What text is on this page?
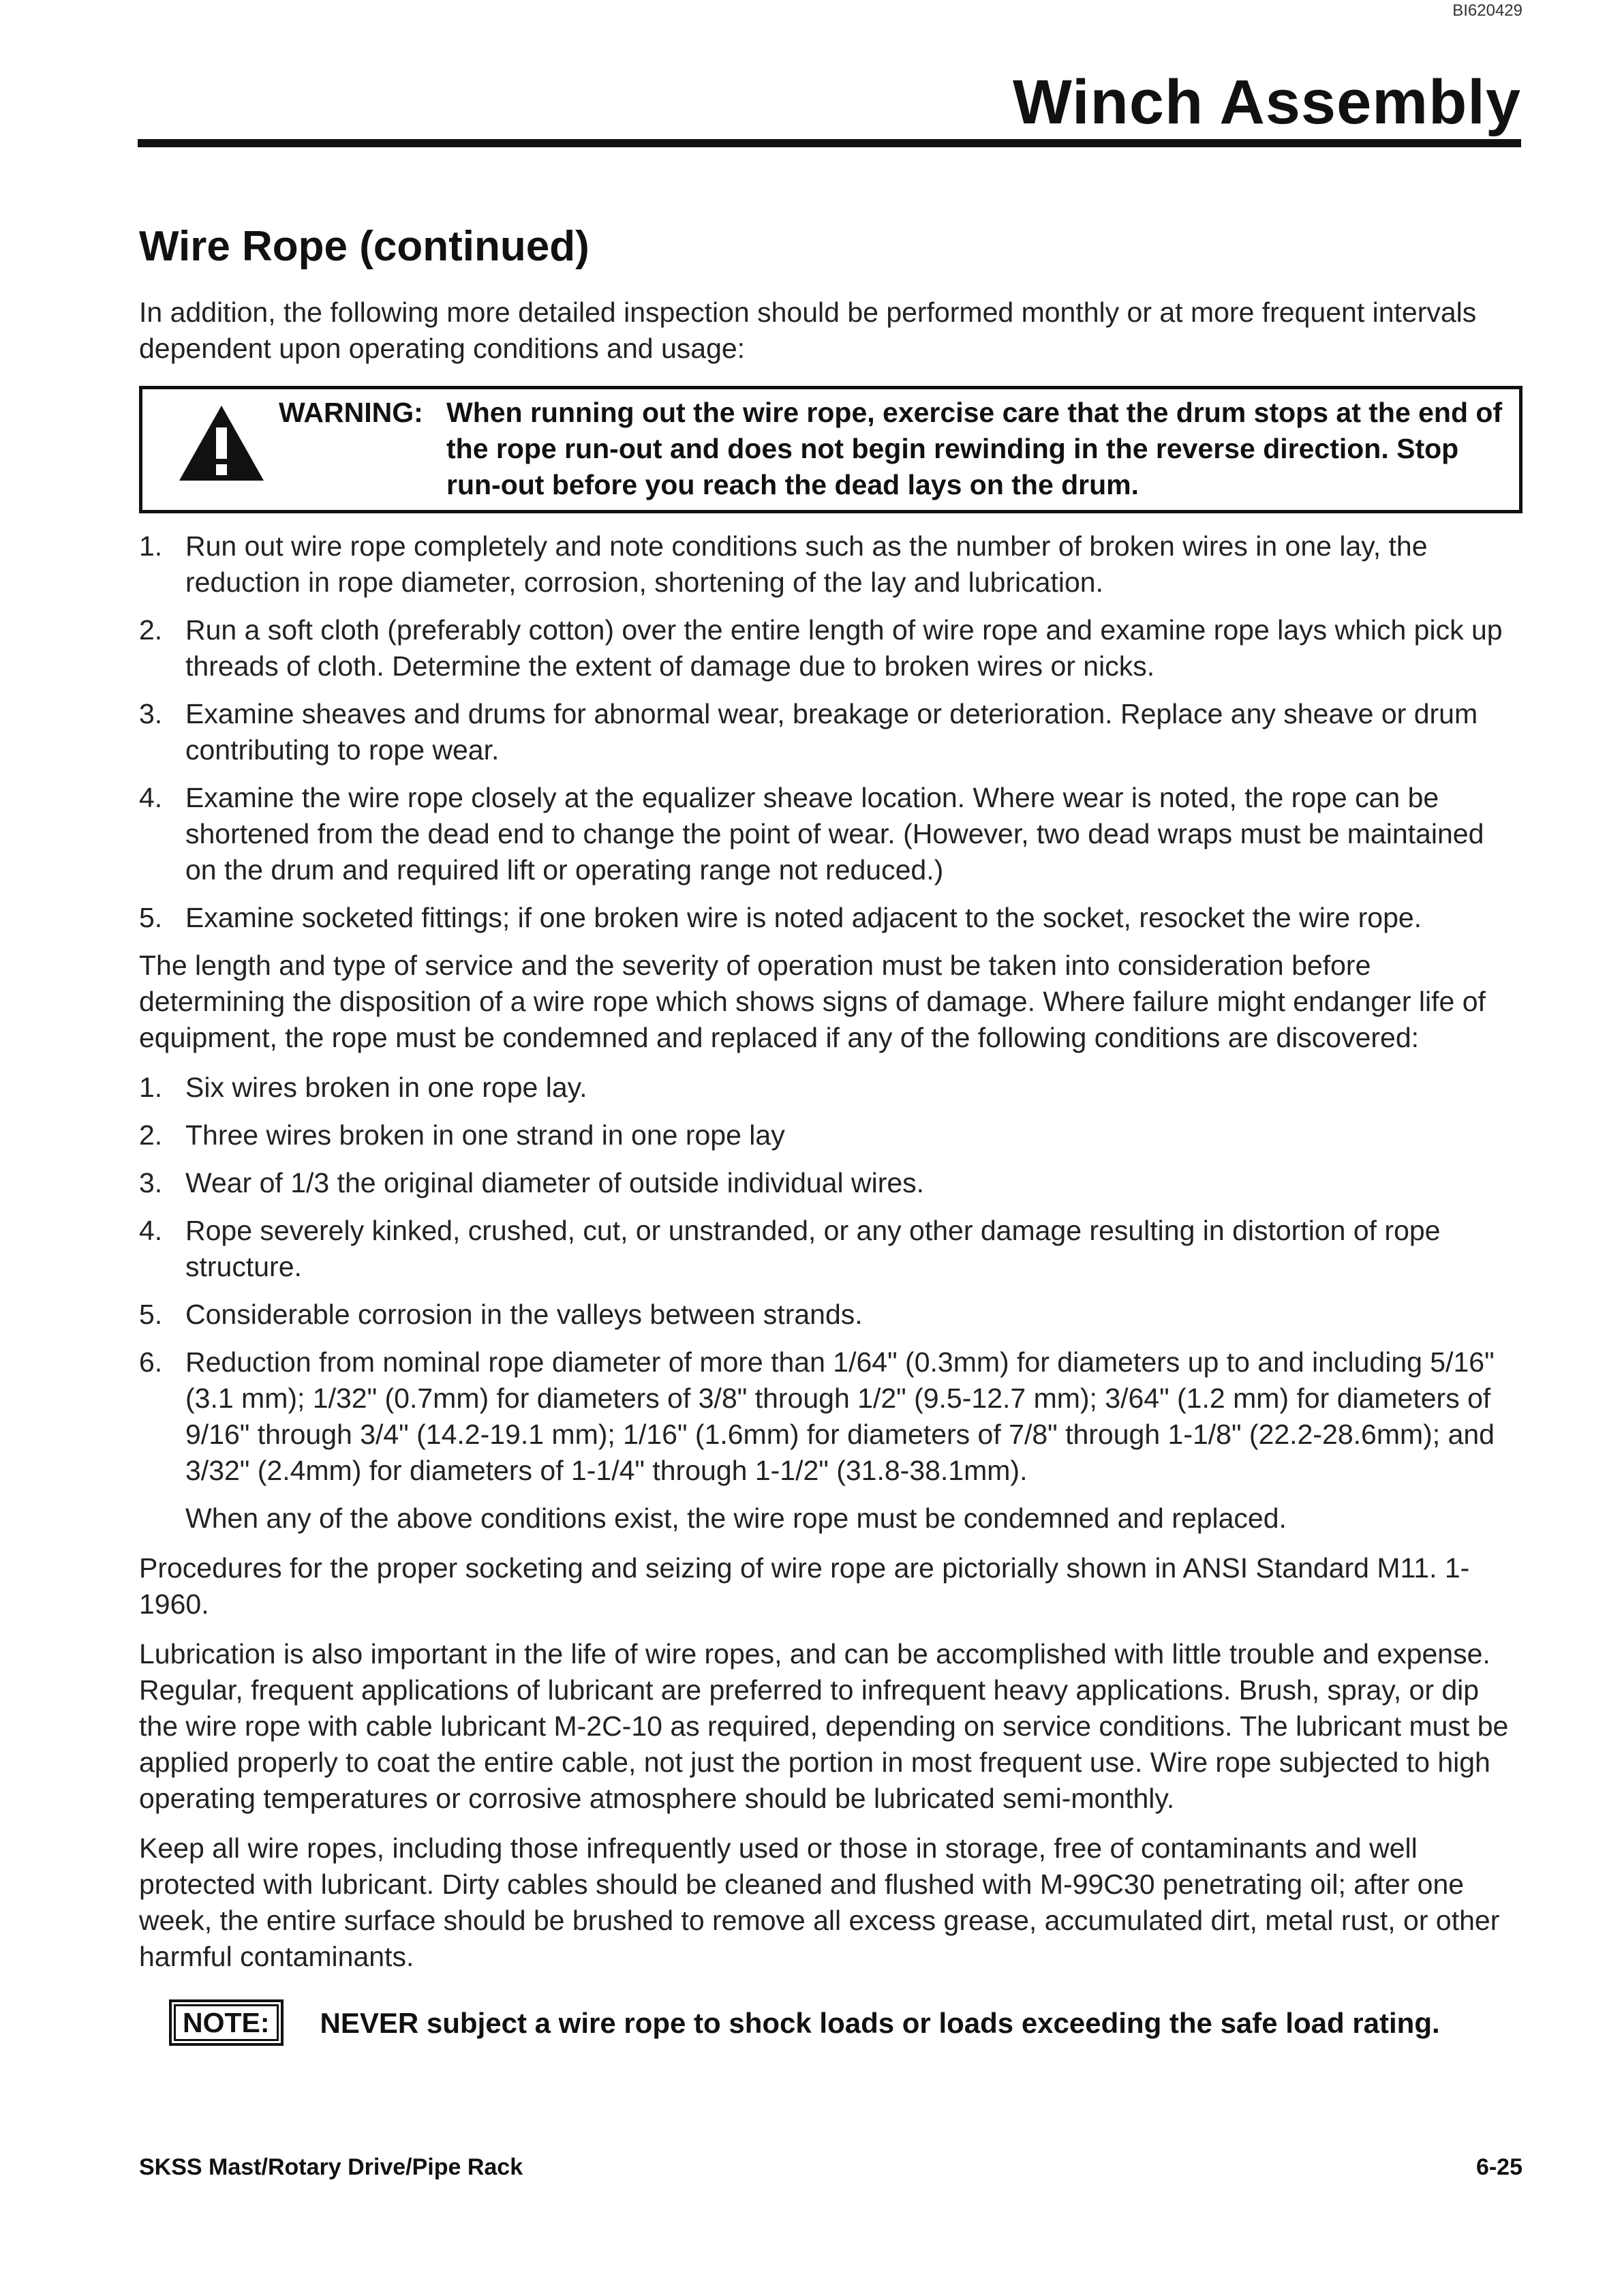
BI620429
Winch Assembly
Wire Rope (continued)

In addition, the following more detailed inspection should be performed monthly or at more frequent intervals dependent upon operating conditions and usage:

WARNING: When running out the wire rope, exercise care that the drum stops at the end of the rope run-out and does not begin rewinding in the reverse direction. Stop run-out before you reach the dead lays on the drum.
1. Run out wire rope completely and note conditions such as the number of broken wires in one lay, the reduction in rope diameter, corrosion, shortening of the lay and lubrication.
2. Run a soft cloth (preferably cotton) over the entire length of wire rope and examine rope lays which pick up threads of cloth. Determine the extent of damage due to broken wires or nicks.
3. Examine sheaves and drums for abnormal wear, breakage or deterioration. Replace any sheave or drum contributing to rope wear.
4. Examine the wire rope closely at the equalizer sheave location. Where wear is noted, the rope can be shortened from the dead end to change the point of wear. (However, two dead wraps must be maintained on the drum and required lift or operating range not reduced.)
5. Examine socketed fittings; if one broken wire is noted adjacent to the socket, resocket the wire rope.

The length and type of service and the severity of operation must be taken into consideration before determining the disposition of a wire rope which shows signs of damage. Where failure might endanger life of equipment, the rope must be condemned and replaced if any of the following conditions are discovered:

1. Six wires broken in one rope lay.
2. Three wires broken in one strand in one rope lay
3. Wear of 1/3 the original diameter of outside individual wires.
4. Rope severely kinked, crushed, cut, or unstranded, or any other damage resulting in distortion of rope structure.
5. Considerable corrosion in the valleys between strands.
6. Reduction from nominal rope diameter of more than 1/64" (0.3mm) for diameters up to and including 5/16" (3.1 mm); 1/32" (0.7mm) for diameters of 3/8" through 1/2" (9.5-12.7 mm); 3/64" (1.2 mm) for diameters of 9/16" through 3/4" (14.2-19.1 mm); 1/16" (1.6mm) for diameters of 7/8" through 1-1/8" (22.2-28.6mm); and 3/32" (2.4mm) for diameters of 1-1/4" through 1-1/2" (31.8-38.1mm).

When any of the above conditions exist, the wire rope must be condemned and replaced.

Procedures for the proper socketing and seizing of wire rope are pictorially shown in ANSI Standard M11. 1-1960.

Lubrication is also important in the life of wire ropes, and can be accomplished with little trouble and expense. Regular, frequent applications of lubricant are preferred to infrequent heavy applications. Brush, spray, or dip the wire rope with cable lubricant M-2C-10 as required, depending on service conditions. The lubricant must be applied properly to coat the entire cable, not just the portion in most frequent use. Wire rope subjected to high operating temperatures or corrosive atmosphere should be lubricated semi-monthly.

Keep all wire ropes, including those infrequently used or those in storage, free of contaminants and well protected with lubricant. Dirty cables should be cleaned and flushed with M-99C30 penetrating oil; after one week, the entire surface should be brushed to remove all excess grease, accumulated dirt, metal rust, or other harmful contaminants.

NOTE:	NEVER subject a wire rope to shock loads or loads exceeding the safe load rating.
SKSS Mast/Rotary Drive/Pipe Rack	6-25
